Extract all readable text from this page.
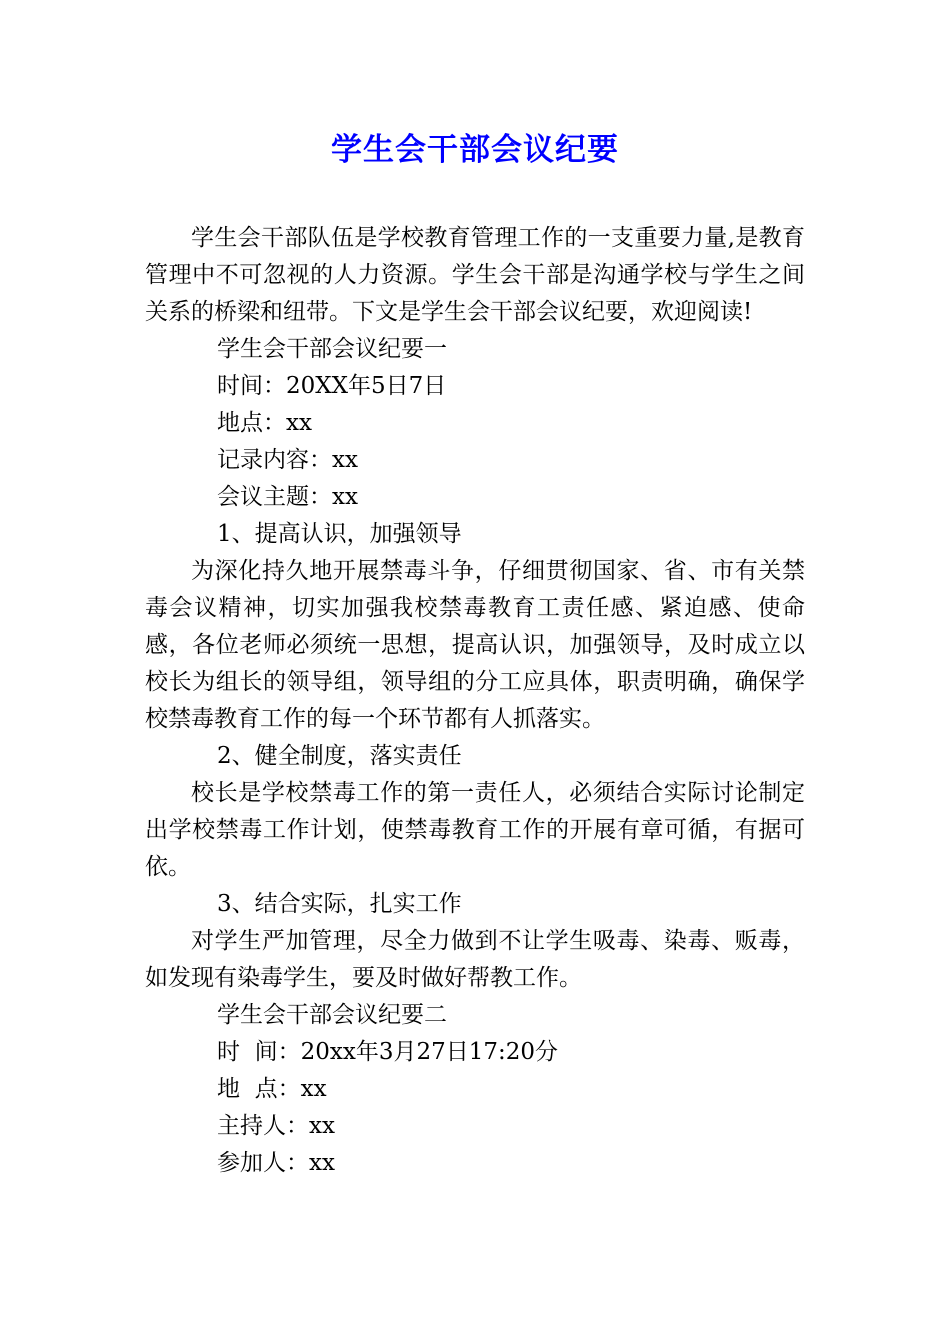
学生会干部会议纪要

学生会干部队伍是学校教育管理工作的一支重要力量,是教育管理中不可忽视的人力资源。学生会干部是沟通学校与学生之间关系的桥梁和纽带。下文是学生会干部会议纪要，欢迎阅读!

学生会干部会议纪要一

时间：20XX年5日7日

地点：xx

记录内容：xx

会议主题：xx

1、提高认识，加强领导

为深化持久地开展禁毒斗争，仔细贯彻国家、省、市有关禁毒会议精神，切实加强我校禁毒教育工责任感、紧迫感、使命感，各位老师必须统一思想，提高认识，加强领导，及时成立以校长为组长的领导组，领导组的分工应具体，职责明确，确保学校禁毒教育工作的每一个环节都有人抓落实。

2、健全制度，落实责任

校长是学校禁毒工作的第一责任人，必须结合实际讨论制定出学校禁毒工作计划，使禁毒教育工作的开展有章可循，有据可依。

3、结合实际，扎实工作

对学生严加管理，尽全力做到不让学生吸毒、染毒、贩毒，如发现有染毒学生，要及时做好帮教工作。

学生会干部会议纪要二

时  间：20xx年3月27日17:20分

地  点：xx

主持人：xx

参加人：xx
